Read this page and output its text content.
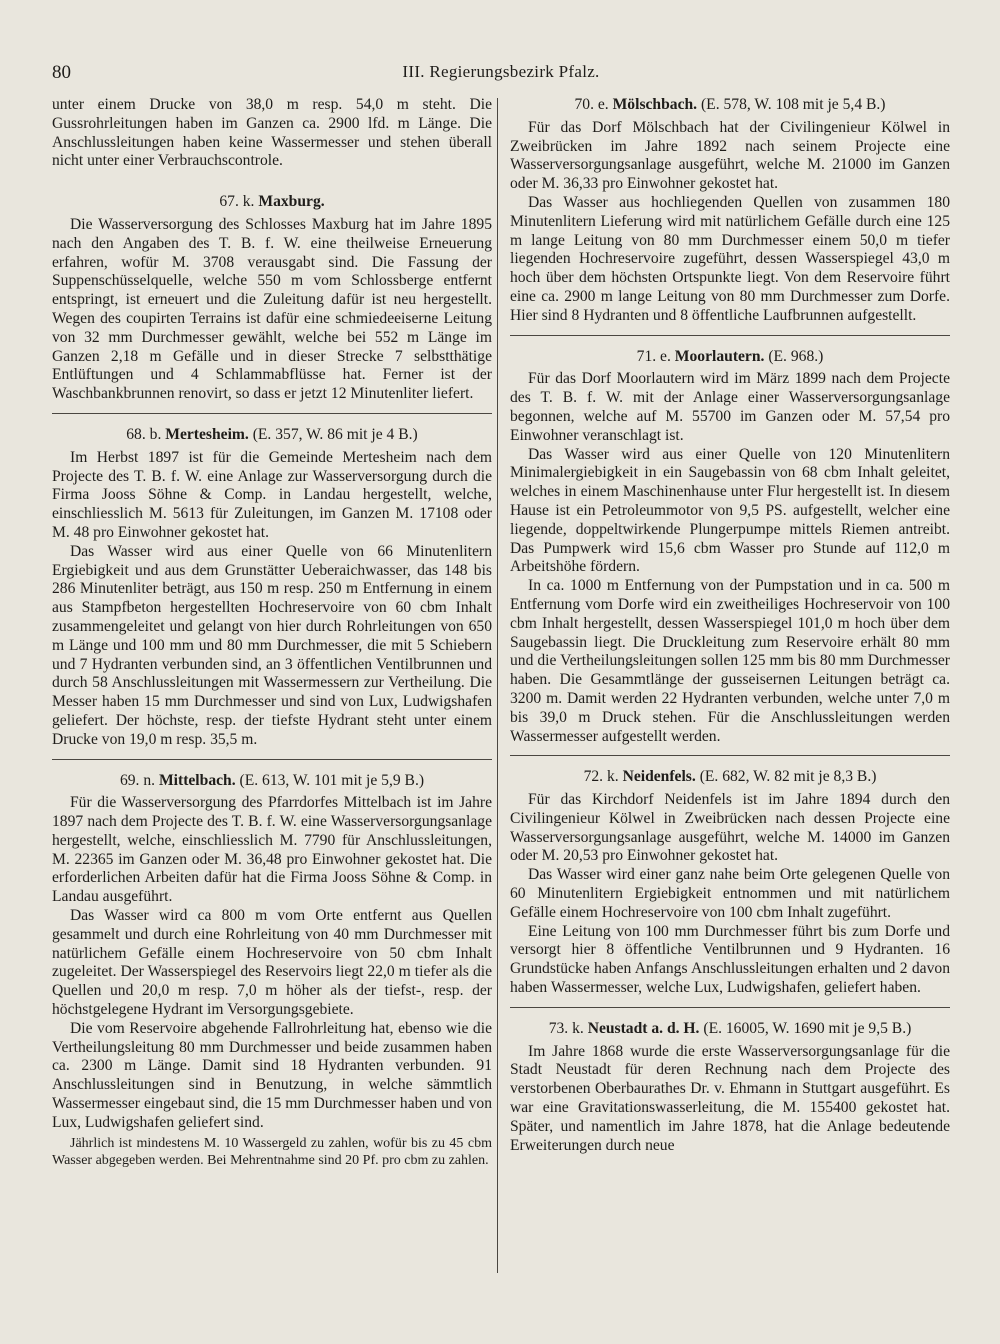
80	III. Regierungsbezirk Pfalz.

unter einem Drucke von 38,0 m resp. 54,0 m steht. Die Gussrohrleitungen haben im Ganzen ca. 2900 lfd. m Länge. Die Anschlussleitungen haben keine Wassermesser und stehen überall nicht unter einer Verbrauchscontrole.

67. k. Maxburg.

Die Wasserversorgung des Schlosses Maxburg hat im Jahre 1895 nach den Angaben des T. B. f. W. eine theilweise Erneuerung erfahren, wofür M. 3708 verausgabt sind. Die Fassung der Suppenschüsselquelle, welche 550 m vom Schlossberge entfernt entspringt, ist erneuert und die Zuleitung dafür ist neu hergestellt. Wegen des coupirten Terrains ist dafür eine schmiedeeiserne Leitung von 32 mm Durchmesser gewählt, welche bei 552 m Länge im Ganzen 2,18 m Gefälle und in dieser Strecke 7 selbstthätige Entlüftungen und 4 Schlammabflüsse hat. Ferner ist der Waschbankbrunnen renovirt, so dass er jetzt 12 Minutenliter liefert.

68. b. Mertesheim. (E. 357, W. 86 mit je 4 B.)

Im Herbst 1897 ist für die Gemeinde Mertesheim nach dem Projecte des T. B. f. W. eine Anlage zur Wasserversorgung durch die Firma Jooss Söhne & Comp. in Landau hergestellt, welche, einschliesslich M. 5613 für Zuleitungen, im Ganzen M. 17108 oder M. 48 pro Einwohner gekostet hat.

Das Wasser wird aus einer Quelle von 66 Minutenlitern Ergiebigkeit und aus dem Grunstätter Ueberaichwasser, das 148 bis 286 Minutenliter beträgt, aus 150 m resp. 250 m Entfernung in einem aus Stampfbeton hergestellten Hochreservoire von 60 cbm Inhalt zusammengeleitet und gelangt von hier durch Rohrleitungen von 650 m Länge und 100 mm und 80 mm Durchmesser, die mit 5 Schiebern und 7 Hydranten verbunden sind, an 3 öffentlichen Ventilbrunnen und durch 58 Anschlussleitungen mit Wassermessern zur Vertheilung. Die Messer haben 15 mm Durchmesser und sind von Lux, Ludwigshafen geliefert. Der höchste, resp. der tiefste Hydrant steht unter einem Drucke von 19,0 m resp. 35,5 m.

69. n. Mittelbach. (E. 613, W. 101 mit je 5,9 B.)

Für die Wasserversorgung des Pfarrdorfes Mittelbach ist im Jahre 1897 nach dem Projecte des T. B. f. W. eine Wasserversorgungsanlage hergestellt, welche, einschliesslich M. 7790 für Anschlussleitungen, M. 22365 im Ganzen oder M. 36,48 pro Einwohner gekostet hat. Die erforderlichen Arbeiten dafür hat die Firma Jooss Söhne & Comp. in Landau ausgeführt.

Das Wasser wird ca 800 m vom Orte entfernt aus Quellen gesammelt und durch eine Rohrleitung von 40 mm Durchmesser mit natürlichem Gefälle einem Hochreservoire von 50 cbm Inhalt zugeleitet. Der Wasserspiegel des Reservoirs liegt 22,0 m tiefer als die Quellen und 20,0 m resp. 7,0 m höher als der tiefst-, resp. der höchstgelegene Hydrant im Versorgungsgebiete.

Die vom Reservoire abgehende Fallrohrleitung hat, ebenso wie die Vertheilungsleitung 80 mm Durchmesser und beide zusammen haben ca. 2300 m Länge. Damit sind 18 Hydranten verbunden. 91 Anschlussleitungen sind in Benutzung, in welche sämmtlich Wassermesser eingebaut sind, die 15 mm Durchmesser haben und von Lux, Ludwigshafen geliefert sind.

Jährlich ist mindestens M. 10 Wassergeld zu zahlen, wofür bis zu 45 cbm Wasser abgegeben werden. Bei Mehrentnahme sind 20 Pf. pro cbm zu zahlen.

70. e. Mölschbach. (E. 578, W. 108 mit je 5,4 B.)

Für das Dorf Mölschbach hat der Civilingenieur Kölwel in Zweibrücken im Jahre 1892 nach seinem Projecte eine Wasserversorgungsanlage ausgeführt, welche M. 21000 im Ganzen oder M. 36,33 pro Einwohner gekostet hat.

Das Wasser aus hochliegenden Quellen von zusammen 180 Minutenlitern Lieferung wird mit natürlichem Gefälle durch eine 125 m lange Leitung von 80 mm Durchmesser einem 50,0 m tiefer liegenden Hochreservoire zugeführt, dessen Wasserspiegel 43,0 m hoch über dem höchsten Ortspunkte liegt. Von dem Reservoire führt eine ca. 2900 m lange Leitung von 80 mm Durchmesser zum Dorfe. Hier sind 8 Hydranten und 8 öffentliche Laufbrunnen aufgestellt.

71. e. Moorlautern. (E. 968.)

Für das Dorf Moorlautern wird im März 1899 nach dem Projecte des T. B. f. W. mit der Anlage einer Wasserversorgungsanlage begonnen, welche auf M. 55700 im Ganzen oder M. 57,54 pro Einwohner veranschlagt ist.

Das Wasser wird aus einer Quelle von 120 Minutenlitern Minimalergiebigkeit in ein Saugebassin von 68 cbm Inhalt geleitet, welches in einem Maschinenhause unter Flur hergestellt ist. In diesem Hause ist ein Petroleummotor von 9,5 PS. aufgestellt, welcher eine liegende, doppeltwirkende Plungerpumpe mittels Riemen antreibt. Das Pumpwerk wird 15,6 cbm Wasser pro Stunde auf 112,0 m Arbeitshöhe fördern.

In ca. 1000 m Entfernung von der Pumpstation und in ca. 500 m Entfernung vom Dorfe wird ein zweitheiliges Hochreservoir von 100 cbm Inhalt hergestellt, dessen Wasserspiegel 101,0 m hoch über dem Saugebassin liegt. Die Druckleitung zum Reservoire erhält 80 mm und die Vertheilungsleitungen sollen 125 mm bis 80 mm Durchmesser haben. Die Gesammtlänge der gusseisernen Leitungen beträgt ca. 3200 m. Damit werden 22 Hydranten verbunden, welche unter 7,0 m bis 39,0 m Druck stehen. Für die Anschlussleitungen werden Wassermesser aufgestellt werden.

72. k. Neidenfels. (E. 682, W. 82 mit je 8,3 B.)

Für das Kirchdorf Neidenfels ist im Jahre 1894 durch den Civilingenieur Kölwel in Zweibrücken nach dessen Projecte eine Wasserversorgungsanlage ausgeführt, welche M. 14000 im Ganzen oder M. 20,53 pro Einwohner gekostet hat.

Das Wasser wird einer ganz nahe beim Orte gelegenen Quelle von 60 Minutenlitern Ergiebigkeit entnommen und mit natürlichem Gefälle einem Hochreservoire von 100 cbm Inhalt zugeführt.

Eine Leitung von 100 mm Durchmesser führt bis zum Dorfe und versorgt hier 8 öffentliche Ventilbrunnen und 9 Hydranten. 16 Grundstücke haben Anfangs Anschlussleitungen erhalten und 2 davon haben Wassermesser, welche Lux, Ludwigshafen, geliefert haben.

73. k. Neustadt a. d. H. (E. 16005, W. 1690 mit je 9,5 B.)

Im Jahre 1868 wurde die erste Wasserversorgungsanlage für die Stadt Neustadt für deren Rechnung nach dem Projecte des verstorbenen Oberbaurathes Dr. v. Ehmann in Stuttgart ausgeführt. Es war eine Gravitationswasserleitung, die M. 155400 gekostet hat. Später, und namentlich im Jahre 1878, hat die Anlage bedeutende Erweiterungen durch neue
